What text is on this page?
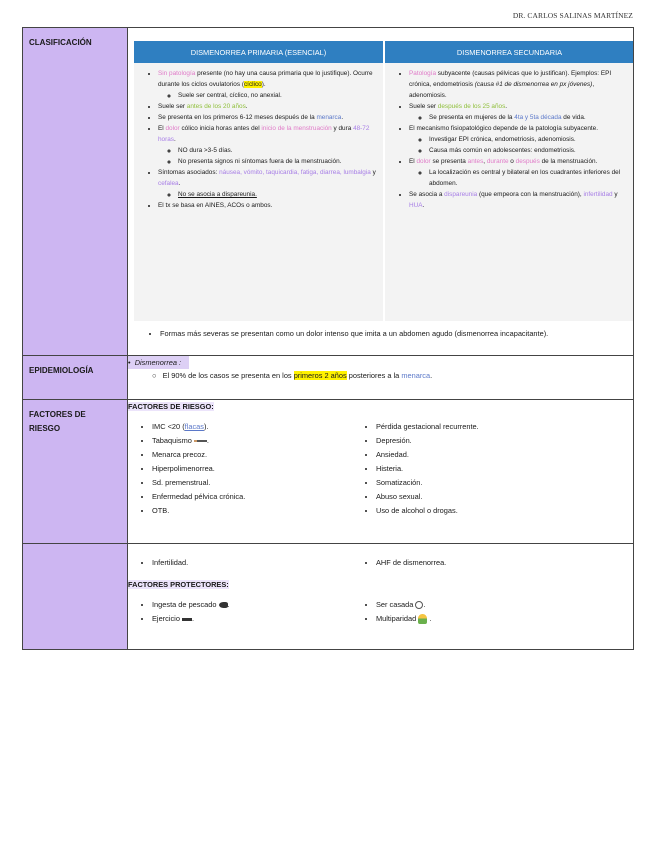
DR. CARLOS SALINAS MARTÍNEZ
CLASIFICACIÓN	
DISMENORREA PRIMARIA (ESENCIAL)	DISMENORREA SECUNDARIA

• Sin patología presente (no hay una causa primaria que lo justifique). Ocurre durante los ciclos ovulatorios (cíclico).
◦ Suele ser central, cíclico, no anexial.
• Suele ser antes de los 20 años.
• Se presenta en los primeros 6-12 meses después de la menarca.
• El dolor cólico inicia horas antes del inicio de la menstruación y dura 48-72 horas.
◦ NO dura >3-5 días.
◦ No presenta signos ni síntomas fuera de la menstruación.
• Síntomas asociados: náusea, vómito, taquicardia, fatiga, diarrea, lumbalgia y cefalea.
◦ No se asocia a dispareunia.
• El tx se basa en AINES, ACOs o ambos.

• Patología subyacente (causas pélvicas que lo justifican). Ejemplos: EPI crónica, endometriosis (causa #1 de dismenorrea en px jóvenes), adenomiosis.
• Suele ser después de los 25 años.
◦ Se presenta en mujeres de la 4ta y 5ta década de vida.
• El mecanismo fisiopatológico depende de la patología subyacente.
◦ Investigar EPI crónica, endometriosis, adenomiosis.
◦ Causa más común en adolescentes: endometriosis.
• El dolor se presenta antes, durante o después de la menstruación.
◦ La localización es central y bilateral en los cuadrantes inferiores del abdomen.
• Se asocia a dispareunia (que empeora con la menstruación), infertilidad y HUA.
• Formas más severas se presentan como un dolor intenso que imita a un abdomen agudo (dismenorrea incapacitante).

EPIDEMIOLOGÍA	•  Dismenorrea :
○   El 90% de los casos se presenta en los primeros 2 años posteriores a la menarca.

FACTORES DE
RIESGO	
FACTORES DE RIESGO:
• IMC <20 (flacas).
• Tabaquismo .
• Menarca precoz.
• Hiperpolimenorrea.
• Sd. premenstrual.
• Enfermedad pélvica crónica.
• OTB.
• Pérdida gestacional recurrente.
• Depresión.
• Ansiedad.
• Histeria.
• Somatización.
• Abuso sexual.
• Uso de alcohol o drogas.

• Infertilidad.
•	AHF de dismenorrea.
FACTORES PROTECTORES:
• Ingesta de pescado .
• Ejercicio .
• Ser casada .
• Multiparidad  .
